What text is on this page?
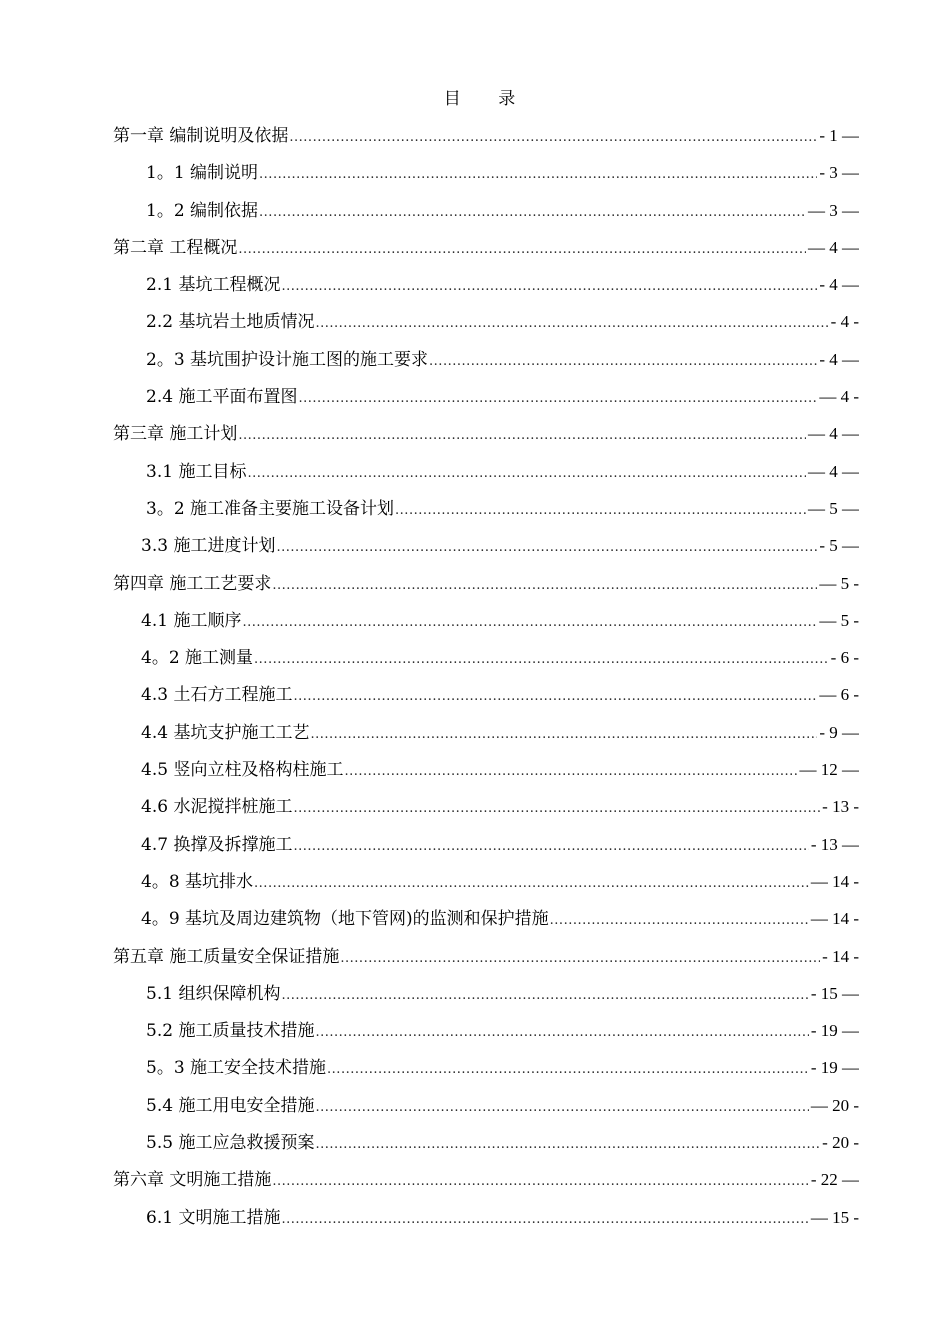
目 录
第一章 编制说明及依据 .....	- 1 —
1。1 编制说明 .....	- 3 —
1。2 编制依据 .....	— 3 —
第二章 工程概况 .....	— 4 —
2.1 基坑工程概况 .....	- 4 —
2.2 基坑岩土地质情况 .....	- 4 -
2。3 基坑围护设计施工图的施工要求 .....	- 4 —
2.4 施工平面布置图 .....	— 4 -
第三章 施工计划 .....	— 4 —
3.1 施工目标 .....	— 4 —
3。2 施工准备主要施工设备计划 .....	— 5 —
3.3 施工进度计划 .....	- 5 —
第四章 施工工艺要求 .....	— 5 -
4.1 施工顺序 .....	— 5 -
4。2 施工测量 .....	- 6 -
4.3 土石方工程施工 .....	— 6 -
4.4 基坑支护施工工艺 .....	- 9 —
4.5 竖向立柱及格构柱施工 .....	— 12 —
4.6 水泥搅拌桩施工 .....	- 13 -
4.7 换撑及拆撑施工 .....	- 13 —
4。8 基坑排水 .....	— 14 -
4。9 基坑及周边建筑物（地下管网)的监测和保护措施 .....	— 14 -
第五章 施工质量安全保证措施 .....	- 14 -
5.1 组织保障机构 .....	- 15 —
5.2 施工质量技术措施 .....	- 19 —
5。3 施工安全技术措施 .....	- 19 —
5.4 施工用电安全措施 .....	— 20 -
5.5 施工应急救援预案 .....	- 20 -
第六章 文明施工措施 .....	- 22 —
6.1 文明施工措施 .....	— 15 -
